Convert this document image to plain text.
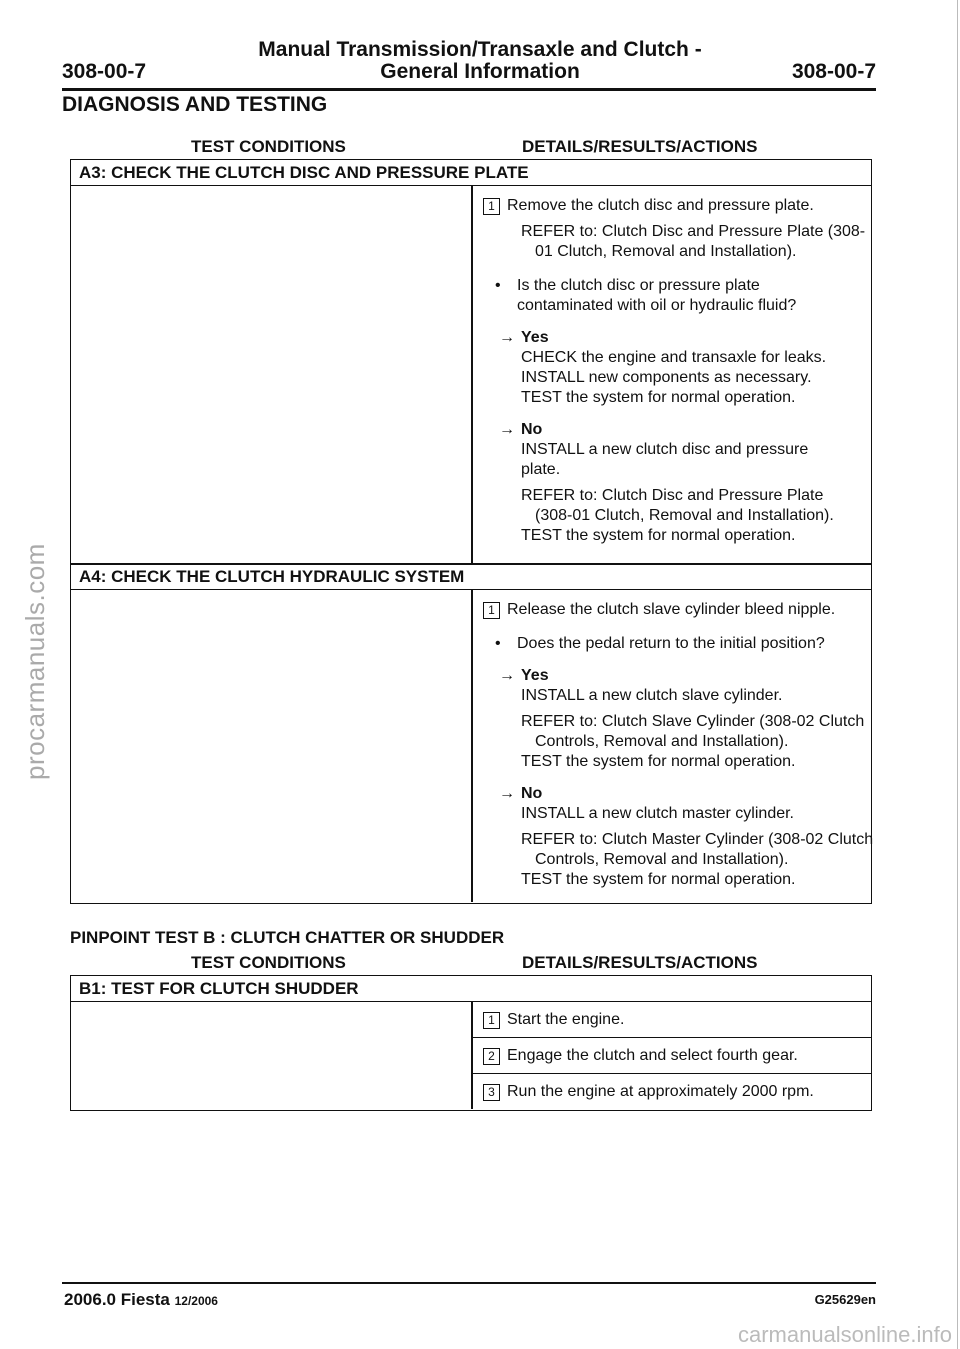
Manual Transmission/Transaxle and Clutch -
General Information
308-00-7	308-00-7
DIAGNOSIS AND TESTING
TEST CONDITIONS	DETAILS/RESULTS/ACTIONS
A3: CHECK THE CLUTCH DISC AND PRESSURE PLATE
1 Remove the clutch disc and pressure plate.
REFER to: Clutch Disc and Pressure Plate (308-01 Clutch, Removal and Installation).
• Is the clutch disc or pressure plate contaminated with oil or hydraulic fluid?
→ Yes
CHECK the engine and transaxle for leaks.
INSTALL new components as necessary.
TEST the system for normal operation.
→ No
INSTALL a new clutch disc and pressure plate.
REFER to: Clutch Disc and Pressure Plate (308-01 Clutch, Removal and Installation).
TEST the system for normal operation.
A4: CHECK THE CLUTCH HYDRAULIC SYSTEM
1 Release the clutch slave cylinder bleed nipple.
• Does the pedal return to the initial position?
→ Yes
INSTALL a new clutch slave cylinder.
REFER to: Clutch Slave Cylinder (308-02 Clutch Controls, Removal and Installation).
TEST the system for normal operation.
→ No
INSTALL a new clutch master cylinder.
REFER to: Clutch Master Cylinder (308-02 Clutch Controls, Removal and Installation).
TEST the system for normal operation.
PINPOINT TEST B : CLUTCH CHATTER OR SHUDDER
TEST CONDITIONS	DETAILS/RESULTS/ACTIONS
B1: TEST FOR CLUTCH SHUDDER
1 Start the engine.
2 Engage the clutch and select fourth gear.
3 Run the engine at approximately 2000 rpm.
2006.0 Fiesta 12/2006	G25629en
procarmanuals.com
carmanualsonline.info
